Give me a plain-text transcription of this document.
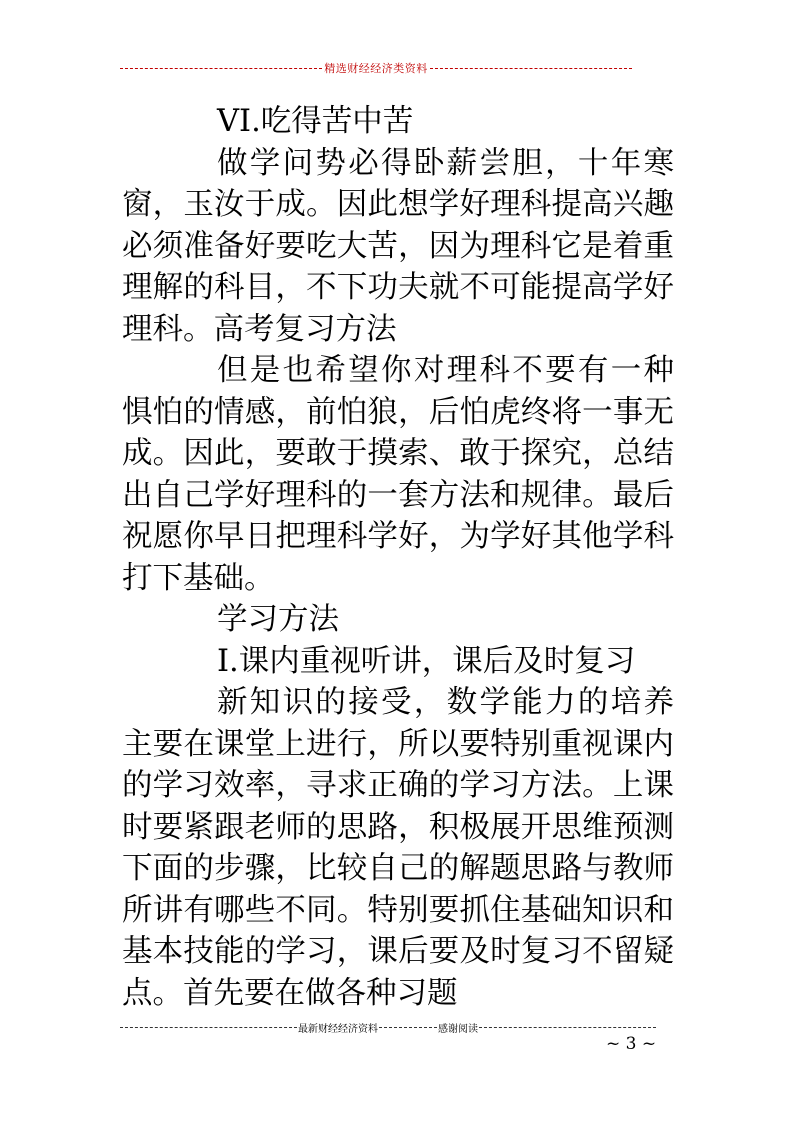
精选财经经济类资料

VI.吃得苦中苦

做学问势必得卧薪尝胆，十年寒窗，玉汝于成。因此想学好理科提高兴趣必须准备好要吃大苦，因为理科它是着重理解的科目，不下功夫就不可能提高学好理科。高考复习方法

但是也希望你对理科不要有一种惧怕的情感，前怕狼，后怕虎终将一事无成。因此，要敢于摸索、敢于探究，总结出自己学好理科的一套方法和规律。最后祝愿你早日把理科学好，为学好其他学科打下基础。

学习方法

I.课内重视听讲，课后及时复习

新知识的接受，数学能力的培养主要在课堂上进行，所以要特别重视课内的学习效率，寻求正确的学习方法。上课时要紧跟老师的思路，积极展开思维预测下面的步骤，比较自己的解题思路与教师所讲有哪些不同。特别要抓住基础知识和基本技能的学习，课后要及时复习不留疑点。首先要在做各种习题

最新财经经济资料	感谢阅读
~ 3 ~
